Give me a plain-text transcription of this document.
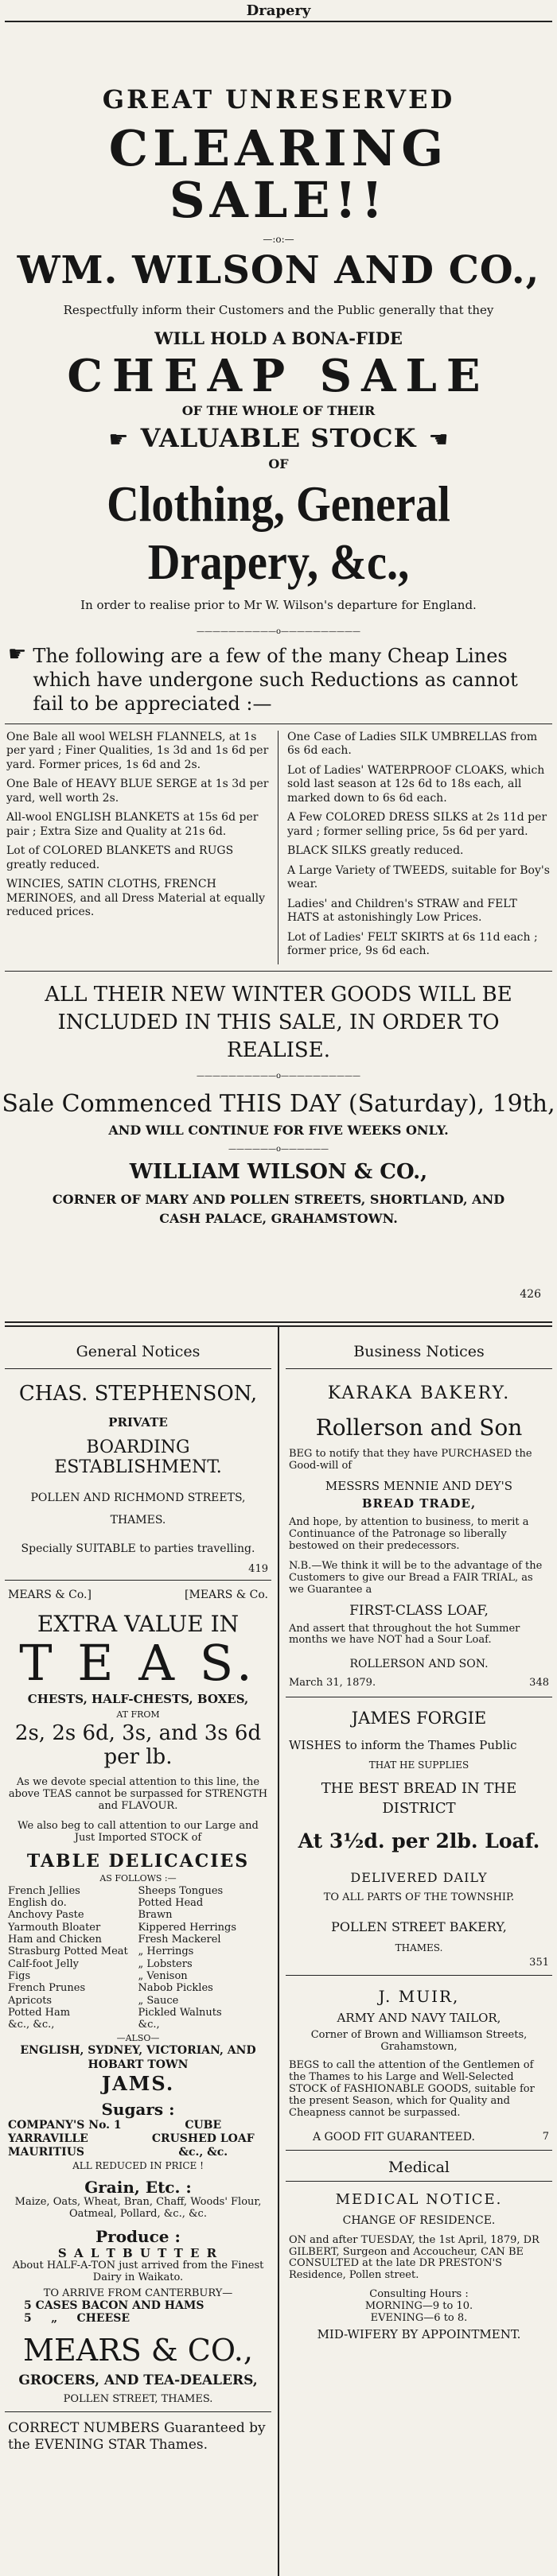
Drapery
GREAT UNRESERVED
CLEARING SALE!!
—:o:—
WM. WILSON AND CO.,
Respectfully inform their Customers and the Public generally that they
WILL HOLD A BONA-FIDE
CHEAP SALE
OF THE WHOLE OF THEIR
☛ VALUABLE STOCK ☚
OF
Clothing, General Drapery, &c.,
In order to realise prior to Mr W. Wilson's departure for England.
——————————o——————————
☛ The following are a few of the many Cheap Lines which have undergone such Reductions as cannot fail to be appreciated :—

One Bale all wool WELSH FLANNELS, at 1s per yard ; Finer Qualities, 1s 3d and 1s 6d per yard. Former prices, 1s 6d and 2s.

One Bale of HEAVY BLUE SERGE at 1s 3d per yard, well worth 2s.

All-wool ENGLISH BLANKETS at 15s 6d per pair ; Extra Size and Quality at 21s 6d.

Lot of COLORED BLANKETS and RUGS greatly reduced.

WINCIES, SATIN CLOTHS, FRENCH MERINOES, and all Dress Material at equally reduced prices.

One Case of Ladies SILK UMBRELLAS from 6s 6d each.

Lot of Ladies' WATERPROOF CLOAKS, which sold last season at 12s 6d to 18s each, all marked down to 6s 6d each.

A Few COLORED DRESS SILKS at 2s 11d per yard ; former selling price, 5s 6d per yard.

BLACK SILKS greatly reduced.

A Large Variety of TWEEDS, suitable for Boy's wear.

Ladies' and Children's STRAW and FELT HATS at astonishingly Low Prices.

Lot of Ladies' FELT SKIRTS at 6s 11d each ; former price, 9s 6d each.

ALL THEIR NEW WINTER GOODS WILL BE INCLUDED IN THIS SALE, IN ORDER TO REALISE.
——————————o——————————
Sale Commenced THIS DAY (Saturday), 19th,
AND WILL CONTINUE FOR FIVE WEEKS ONLY.
——————o——————
WILLIAM WILSON & CO.,
CORNER OF MARY AND POLLEN STREETS, SHORTLAND, AND CASH PALACE, GRAHAMSTOWN.
426
General Notices
CHAS. STEPHENSON,
PRIVATE
BOARDING ESTABLISHMENT.
POLLEN AND RICHMOND STREETS,
THAMES.
Specially SUITABLE to parties travelling.
419
MEARS & Co.]	[MEARS & Co.
EXTRA VALUE IN
T E A S.
CHESTS, HALF-CHESTS, BOXES,
AT FROM
2s, 2s 6d, 3s, and 3s 6d
per lb.

As we devote special attention to this line, the above TEAS cannot be surpassed for STRENGTH and FLAVOUR.

We also beg to call attention to our Large and Just Imported STOCK of

TABLE DELICACIES
AS FOLLOWS :—
French Jellies	Sheeps Tongues
English do.	Potted Head
Anchovy Paste	Brawn
Yarmouth Bloater	Kippered Herrings
Ham and Chicken	Fresh Mackerel
Strasburg Potted Meat „ Herrings
Calf-foot Jelly	„ Lobsters
Figs	„ Venison
French Prunes	Nabob Pickles
Apricots	„ Sauce
Potted Ham	Pickled Walnuts
&c., &c.,	&c.,
—ALSO—
ENGLISH, SYDNEY, VICTORIAN, AND HOBART TOWN
JAMS.
Sugars :
COMPANY'S No. 1	CUBE
YARRAVILLE	CRUSHED LOAF
MAURITIUS	&c., &c.
ALL REDUCED IN PRICE !
Grain, Etc. :

Maize, Oats, Wheat, Bran, Chaff, Woods' Flour, Oatmeal, Pollard, &c., &c.

Produce :
S A L T B U T T E R

About HALF-A-TON just arrived from the Finest Dairy in Waikato.

TO ARRIVE FROM CANTERBURY—
5 CASES BACON AND HAMS
5     „     CHEESE
MEARS & CO.,
GROCERS, AND TEA-DEALERS,
POLLEN STREET, THAMES.

CORRECT NUMBERS Guaranteed by the EVENING STAR Thames.

Business Notices
KARAKA BAKERY.
Rollerson and Son

BEG to notify that they have PURCHASED the Good-will of

MESSRS MENNIE AND DEY'S
BREAD TRADE,

And hope, by attention to business, to merit a Continuance of the Patronage so liberally bestowed on their predecessors.

N.B.—We think it will be to the advantage of the Customers to give our Bread a FAIR TRIAL, as we Guarantee a

FIRST-CLASS LOAF,

And assert that throughout the hot Summer months we have NOT had a Sour Loaf.

ROLLERSON AND SON.
March 31, 1879.	348
JAMES FORGIE

WISHES to inform the Thames Public

THAT HE SUPPLIES
THE BEST BREAD IN THE DISTRICT
At 3½d. per 2lb. Loaf.
DELIVERED DAILY
TO ALL PARTS OF THE TOWNSHIP.
POLLEN STREET BAKERY,
THAMES.
351
J. MUIR,
ARMY AND NAVY TAILOR,

Corner of Brown and Williamson Streets, Grahamstown,

BEGS to call the attention of the Gentlemen of the Thames to his Large and Well-Selected STOCK of FASHIONABLE GOODS, suitable for the present Season, which for Quality and Cheapness cannot be surpassed.

A GOOD FIT GUARANTEED.	7
Medical
MEDICAL NOTICE.
CHANGE OF RESIDENCE.

ON and after TUESDAY, the 1st April, 1879, DR GILBERT, Surgeon and Accoucheur, CAN BE CONSULTED at the late DR PRESTON'S Residence, Pollen street.

Consulting Hours :
MORNING—9 to 10.
EVENING—6 to 8.
MID-WIFERY BY APPOINTMENT.
